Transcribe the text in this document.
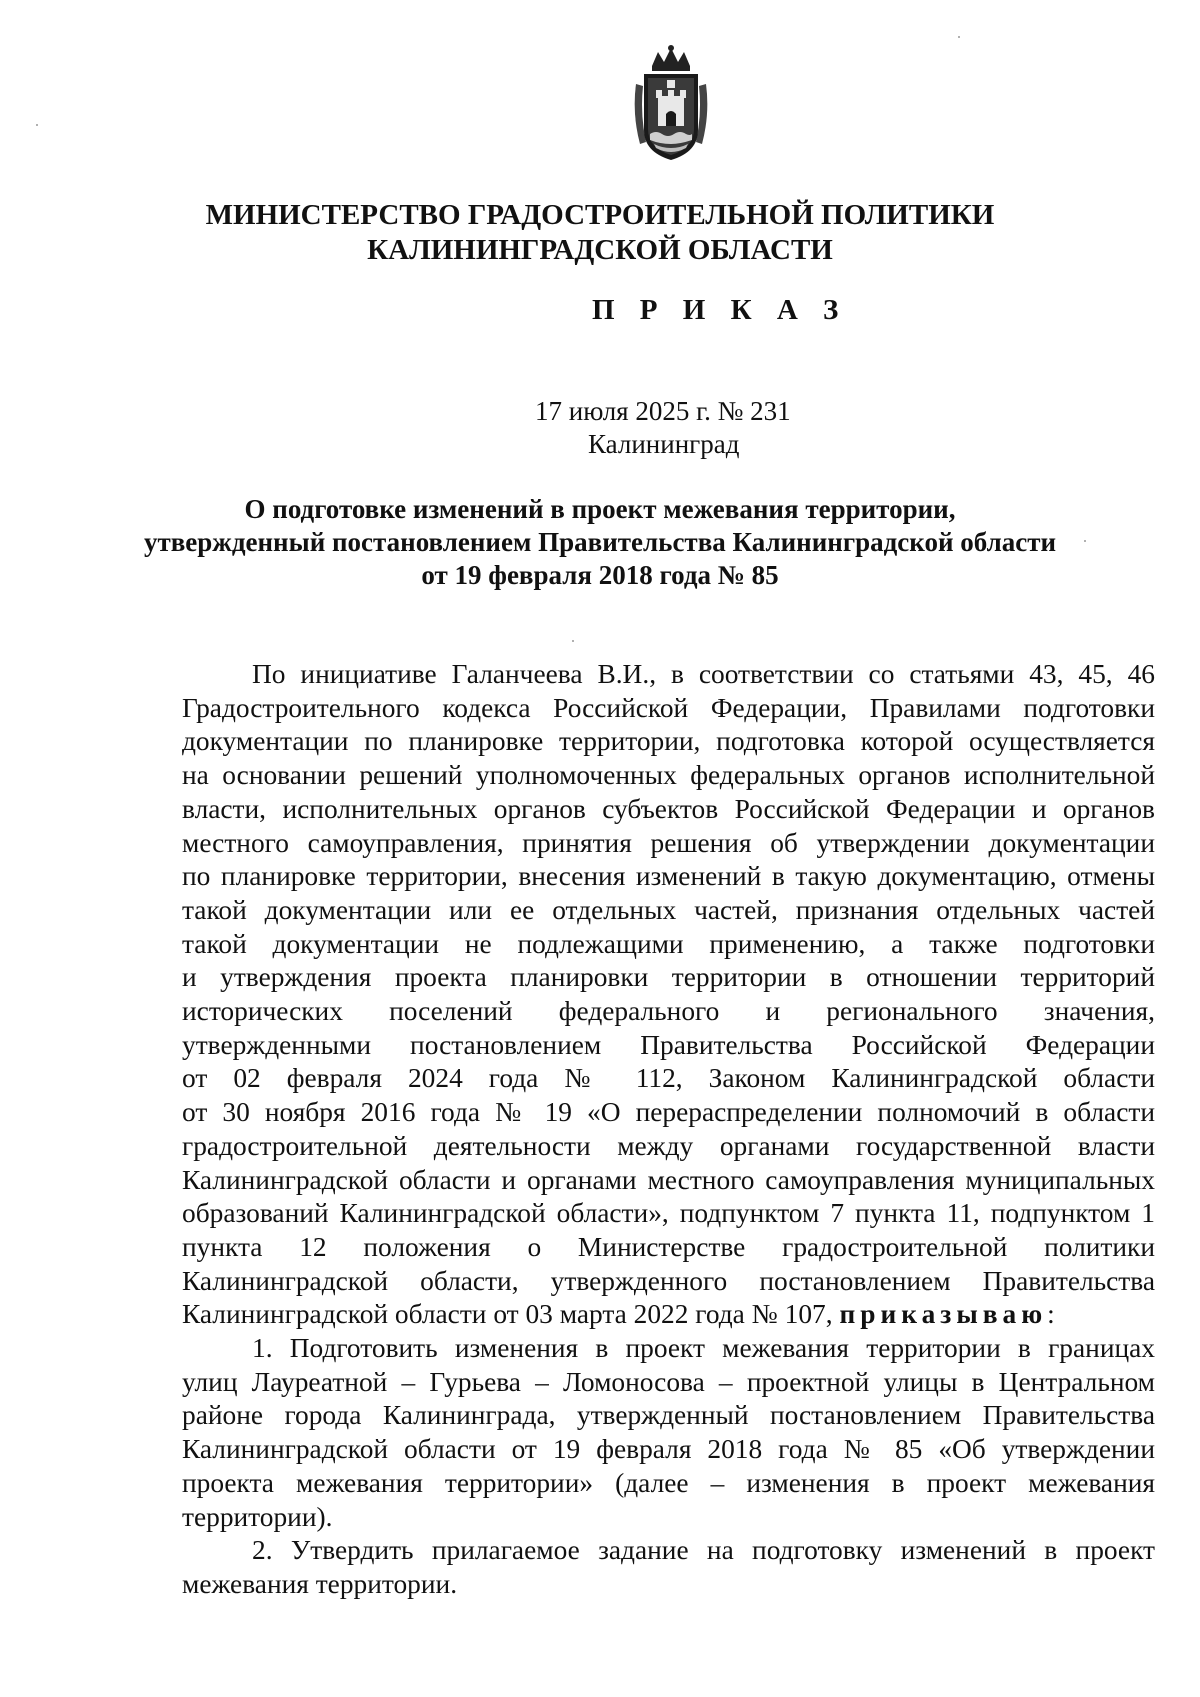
МИНИСТЕРСТВО ГРАДОСТРОИТЕЛЬНОЙ ПОЛИТИКИ
КАЛИНИНГРАДСКОЙ ОБЛАСТИ
П Р И К А З
17 июля 2025 г. № 231
Калининград
О подготовке изменений в проект межевания территории,
утвержденный постановлением Правительства Калининградской области
от 19 февраля 2018 года № 85
По инициативе Галанчеева В.И., в соответствии со статьями 43, 45, 46
Градостроительного кодекса Российской Федерации, Правилами подготовки
документации по планировке территории, подготовка которой осуществляется
на основании решений уполномоченных федеральных органов исполнительной
власти, исполнительных органов субъектов Российской Федерации и органов
местного самоуправления, принятия решения об утверждении документации
по планировке территории, внесения изменений в такую документацию, отмены
такой документации или ее отдельных частей, признания отдельных частей
такой документации не подлежащими применению, а также подготовки
и утверждения проекта планировки территории в отношении территорий
исторических поселений федерального и регионального значения,
утвержденными постановлением Правительства Российской Федерации
от 02 февраля 2024 года № 112, Законом Калининградской области
от 30 ноября 2016 года № 19 «О перераспределении полномочий в области
градостроительной деятельности между органами государственной власти
Калининградской области и органами местного самоуправления муниципальных
образований Калининградской области», подпунктом 7 пункта 11, подпунктом 1
пункта 12 положения о Министерстве градостроительной политики
Калининградской области, утвержденного постановлением Правительства
Калининградской области от 03 марта 2022 года № 107, приказываю:
1. Подготовить изменения в проект межевания территории в границах
улиц Лауреатной – Гурьева – Ломоносова – проектной улицы в Центральном
районе города Калининграда, утвержденный постановлением Правительства
Калининградской области от 19 февраля 2018 года № 85 «Об утверждении
проекта межевания территории» (далее – изменения в проект межевания
территории).
2. Утвердить прилагаемое задание на подготовку изменений в проект
межевания территории.
